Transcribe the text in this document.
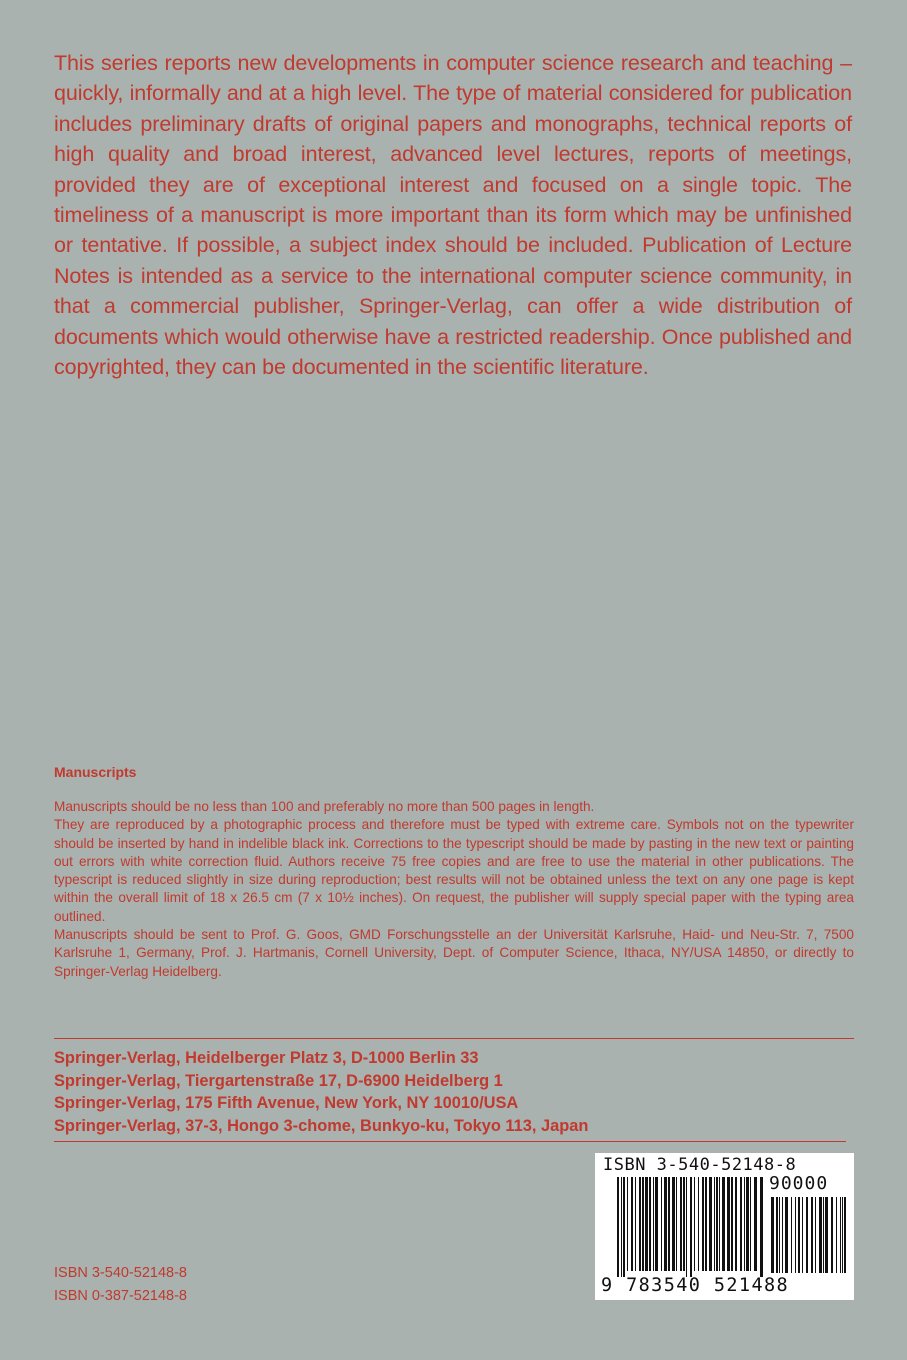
This series reports new developments in computer science research and teaching – quickly, informally and at a high level. The type of material considered for publication includes preliminary drafts of original papers and monographs, technical reports of high quality and broad interest, advanced level lectures, reports of meetings, provided they are of exceptional interest and focused on a single topic. The timeliness of a manuscript is more important than its form which may be unfinished or tentative. If possible, a subject index should be included. Publication of Lecture Notes is intended as a service to the international computer science community, in that a commercial publisher, Springer-Verlag, can offer a wide distribution of documents which would otherwise have a restricted readership. Once published and copyrighted, they can be documented in the scientific literature.

Manuscripts

Manuscripts should be no less than 100 and preferably no more than 500 pages in length.

They are reproduced by a photographic process and therefore must be typed with extreme care. Symbols not on the typewriter should be inserted by hand in indelible black ink. Corrections to the typescript should be made by pasting in the new text or painting out errors with white correction fluid. Authors receive 75 free copies and are free to use the material in other publications. The typescript is reduced slightly in size during reproduction; best results will not be obtained unless the text on any one page is kept within the overall limit of 18 x 26.5 cm (7 x 10½ inches). On request, the publisher will supply special paper with the typing area outlined.

Manuscripts should be sent to Prof. G. Goos, GMD Forschungsstelle an der Universität Karlsruhe, Haid- und Neu-Str. 7, 7500 Karlsruhe 1, Germany, Prof. J. Hartmanis, Cornell University, Dept. of Computer Science, Ithaca, NY/USA 14850, or directly to Springer-Verlag Heidelberg.

Springer-Verlag, Heidelberger Platz 3, D-1000 Berlin 33
Springer-Verlag, Tiergartenstraße 17, D-6900 Heidelberg 1
Springer-Verlag, 175 Fifth Avenue, New York, NY 10010/USA
Springer-Verlag, 37-3, Hongo 3-chome, Bunkyo-ku, Tokyo 113, Japan
ISBN 3-540-52148-8
ISBN 0-387-52148-8
ISBN 3-540-52148-8
90000
9 783540 521488
